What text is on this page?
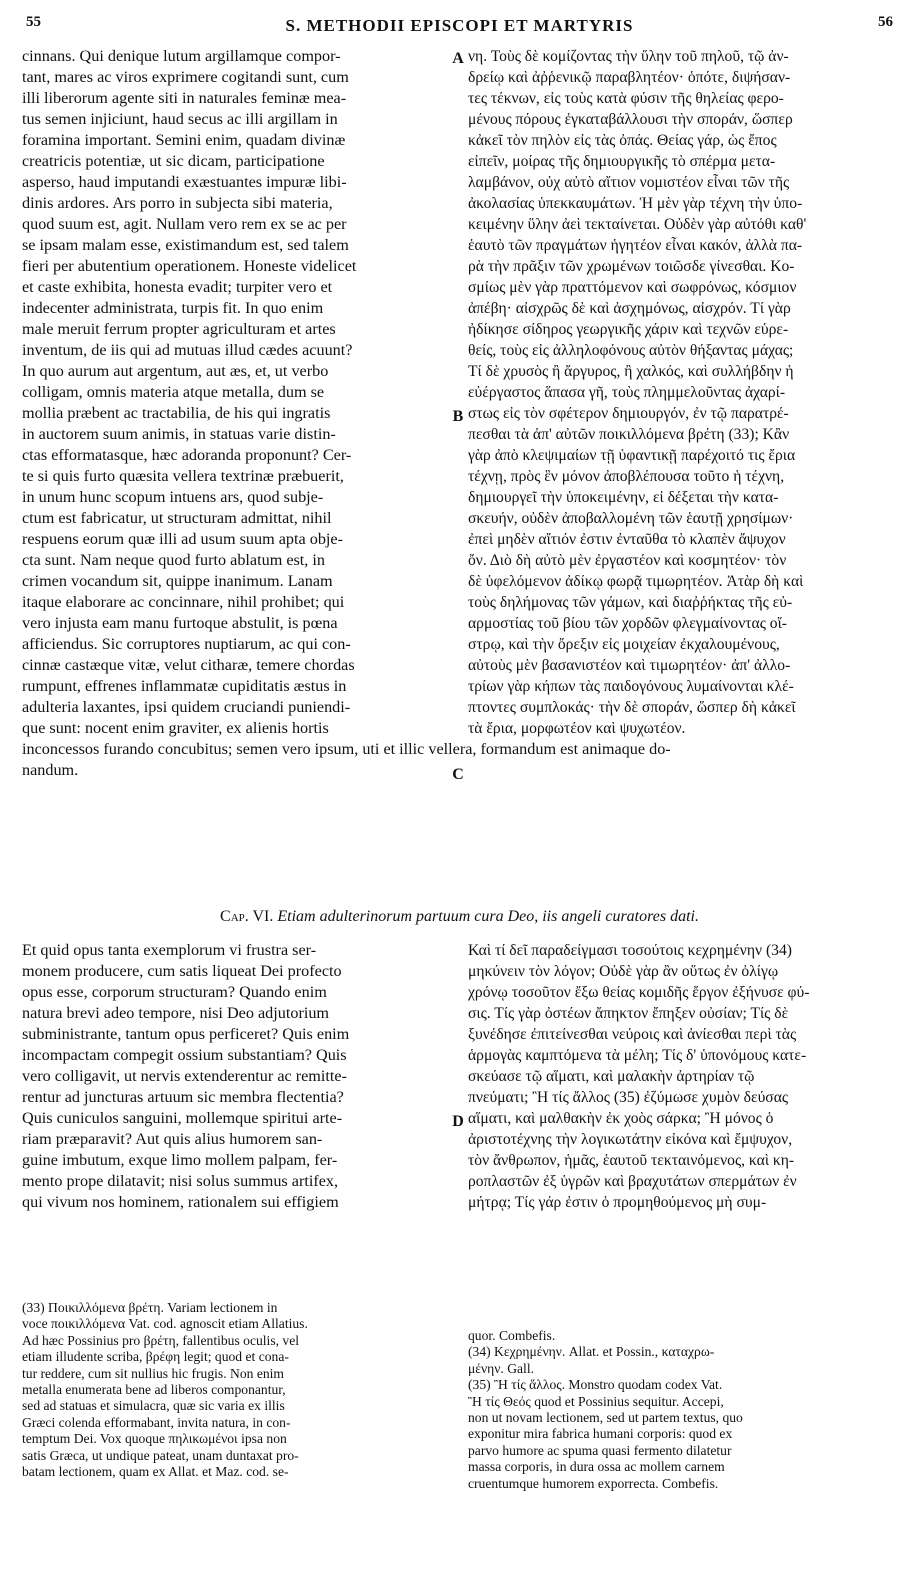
55	S. METHODII EPISCOPI ET MARTYRIS	56
A
B
C
D

cinnans. Qui denique lutum argillamque compor-

tant, mares ac viros exprimere cogitandi sunt, cum

illi liberorum agente siti in naturales feminæ mea-

tus semen injiciunt, haud secus ac illi argillam in

foramina important. Semini enim, quadam divinæ

creatricis potentiæ, ut sic dicam, participatione

asperso, haud imputandi exæstuantes impuræ libi-

dinis ardores. Ars porro in subjecta sibi materia,

quod suum est, agit. Nullam vero rem ex se ac per

se ipsam malam esse, existimandum est, sed talem

fieri per abutentium operationem. Honeste videlicet

et caste exhibita, honesta evadit; turpiter vero et

indecenter administrata, turpis fit. In quo enim

male meruit ferrum propter agriculturam et artes

inventum, de iis qui ad mutuas illud cædes acuunt?

In quo aurum aut argentum, aut æs, et, ut verbo

colligam, omnis materia atque metalla, dum se

mollia præbent ac tractabilia, de his qui ingratis

in auctorem suum animis, in statuas varie distin-

ctas efformatasque, hæc adoranda proponunt? Cer-

te si quis furto quæsita vellera textrinæ præbuerit,

in unum hunc scopum intuens ars, quod subje-

ctum est fabricatur, ut structuram admittat, nihil

respuens eorum quæ illi ad usum suum apta obje-

cta sunt. Nam neque quod furto ablatum est, in

crimen vocandum sit, quippe inanimum. Lanam

itaque elaborare ac concinnare, nihil prohibet; qui

vero injusta eam manu furtoque abstulit, is pœna

afficiendus. Sic corruptores nuptiarum, ac qui con-

cinnæ castæque vitæ, velut citharæ, temere chordas

rumpunt, effrenes inflammatæ cupiditatis æstus in

adulteria laxantes, ipsi quidem cruciandi puniendi-

que sunt: nocent enim graviter, ex alienis hortis

inconcessos furando concubitus; semen vero ipsum, uti et illic vellera, formandum est animaque do-

nandum.

νη. Τοὺς δὲ κομίζοντας τὴν ὕλην τοῦ πηλοῦ, τῷ ἀν-

δρείῳ καὶ ἀῤῥενικῷ παραβλητέον· ὁπότε, διψήσαν-

τες τέκνων, εἰς τοὺς κατὰ φύσιν τῆς θηλείας φερο-

μένους πόρους ἐγκαταβάλλουσι τὴν σποράν, ὥσπερ

κἀκεῖ τὸν πηλὸν εἰς τὰς ὀπάς. Θείας γάρ, ὡς ἔπος

εἰπεῖν, μοίρας τῆς δημιουργικῆς τὸ σπέρμα μετα-

λαμβάνον, οὐχ αὐτὸ αἴτιον νομιστέον εἶναι τῶν τῆς

ἀκολασίας ὑπεκκαυμάτων. Ἡ μὲν γὰρ τέχνη τὴν ὑπο-

κειμένην ὕλην ἀεὶ τεκταίνεται. Οὐδὲν γὰρ αὐτόθι καθ'

ἑαυτὸ τῶν πραγμάτων ἡγητέον εἶναι κακόν, ἀλλὰ πα-

ρὰ τὴν πρᾶξιν τῶν χρωμένων τοιῶσδε γίνεσθαι. Κο-

σμίως μὲν γὰρ πραττόμενον καὶ σωφρόνως, κόσμιον

ἀπέβη· αἰσχρῶς δὲ καὶ ἀσχημόνως, αἰσχρόν. Τί γὰρ

ἠδίκησε σίδηρος γεωργικῆς χάριν καὶ τεχνῶν εὑρε-

θείς, τοὺς εἰς ἀλληλοφόνους αὐτὸν θήξαντας μάχας;

Τί δὲ χρυσὸς ἢ ἄργυρος, ἢ χαλκός, καὶ συλλήβδην ἡ

εὐέργαστος ἅπασα γῆ, τοὺς πλημμελοῦντας ἀχαρί-

στως εἰς τὸν σφέτερον δημιουργόν, ἐν τῷ παρατρέ-

πεσθαι τὰ ἀπ' αὐτῶν ποικιλλόμενα βρέτη (33); Κἂν

γὰρ ἀπὸ κλεψιμαίων τῇ ὑφαντικῇ παρέχοιτό τις ἔρια

τέχνῃ, πρὸς ἓν μόνον ἀποβλέπουσα τοῦτο ἡ τέχνη,

δημιουργεῖ τὴν ὑποκειμένην, εἰ δέξεται τὴν κατα-

σκευήν, οὐδὲν ἀποβαλλομένη τῶν ἑαυτῇ χρησίμων·

ἐπεὶ μηδὲν αἴτιόν ἐστιν ἐνταῦθα τὸ κλαπὲν ἄψυχον

ὄν. Διὸ δὴ αὐτὸ μὲν ἐργαστέον καὶ κοσμητέον· τὸν

δὲ ὑφελόμενον ἀδίκῳ φωρᾷ τιμωρητέον. Ἀτὰρ δὴ καὶ

τοὺς δηλήμονας τῶν γάμων, καὶ διαῤῥήκτας τῆς εὐ-

αρμοστίας τοῦ βίου τῶν χορδῶν φλεγμαίνοντας οἴ-

στρῳ, καὶ τὴν ὄρεξιν εἰς μοιχείαν ἐκχαλουμένους,

αὐτοὺς μὲν βασανιστέον καὶ τιμωρητέον· ἀπ' ἀλλο-

τρίων γὰρ κήπων τὰς παιδογόνους λυμαίνονται κλέ-

πτοντες συμπλοκάς· τὴν δὲ σποράν, ὥσπερ δὴ κἀκεῖ

τὰ ἔρια, μορφωτέον καὶ ψυχωτέον.

Cap. VI. Etiam adulterinorum partuum cura Deo, iis angeli curatores dati.

Et quid opus tanta exemplorum vi frustra ser-

monem producere, cum satis liqueat Dei profecto

opus esse, corporum structuram? Quando enim

natura brevi adeo tempore, nisi Deo adjutorium

subministrante, tantum opus perficeret? Quis enim

incompactam compegit ossium substantiam? Quis

vero colligavit, ut nervis extenderentur ac remitte-

rentur ad juncturas artuum sic membra flectentia?

Quis cuniculos sanguini, mollemque spiritui arte-

riam præparavit? Aut quis alius humorem san-

guine imbutum, exque limo mollem palpam, fer-

mento prope dilatavit; nisi solus summus artifex,

qui vivum nos hominem, rationalem sui effigiem

Καὶ τί δεῖ παραδείγμασι τοσούτοις κεχρημένην (34)

μηκύνειν τὸν λόγον; Οὐδὲ γὰρ ἂν οὕτως ἐν ὀλίγῳ

χρόνῳ τοσοῦτον ἔξω θείας κομιδῆς ἔργον ἐξήνυσε φύ-

σις. Τίς γὰρ ὀστέων ἄπηκτον ἔπηξεν οὐσίαν; Τίς δὲ

ξυνέδησε ἐπιτείνεσθαι νεύροις καὶ ἀνίεσθαι περὶ τὰς

ἁρμογὰς καμπτόμενα τὰ μέλη; Τίς δ' ὑπονόμους κατε-

σκεύασε τῷ αἵματι, καὶ μαλακὴν ἀρτηρίαν τῷ

πνεύματι; Ἢ τίς ἄλλος (35) ἐζύμωσε χυμὸν δεύσας

αἵματι, καὶ μαλθακὴν ἐκ χοὸς σάρκα; Ἢ μόνος ὁ

ἀριστοτέχνης τὴν λογικωτάτην εἰκόνα καὶ ἔμψυχον,

τὸν ἄνθρωπον, ἡμᾶς, ἑαυτοῦ τεκταινόμενος, καὶ κη-

ροπλαστῶν ἐξ ὑγρῶν καὶ βραχυτάτων σπερμάτων ἐν

μήτρᾳ; Τίς γάρ ἐστιν ὁ προμηθούμενος μὴ συμ-

(33) Ποικιλλόμενα βρέτη. Variam lectionem in

voce ποικιλλόμενα Vat. cod. agnoscit etiam Allatius.

Ad hæc Possinius pro βρέτη, fallentibus oculis, vel

etiam illudente scriba, βρέφη legit; quod et cona-

tur reddere, cum sit nullius hic frugis. Non enim

metalla enumerata bene ad liberos componantur,

sed ad statuas et simulacra, quæ sic varia ex illis

Græci colenda efformabant, invita natura, in con-

temptum Dei. Vox quoque πηλικωμένοι ipsa non

satis Græca, ut undique pateat, unam duntaxat pro-

batam lectionem, quam ex Allat. et Maz. cod. se-

quor. Combefis.

(34) Κεχρημένην. Allat. et Possin., καταχρω-

μένην. Gall.

(35) Ἢ τίς ἄλλος. Monstro quodam codex Vat.

Ἢ τίς Θεός quod et Possinius sequitur. Accepi,

non ut novam lectionem, sed ut partem textus, quo

exponitur mira fabrica humani corporis: quod ex

parvo humore ac spuma quasi fermento dilatetur

massa corporis, in dura ossa ac mollem carnem

cruentumque humorem exporrecta. Combefis.
